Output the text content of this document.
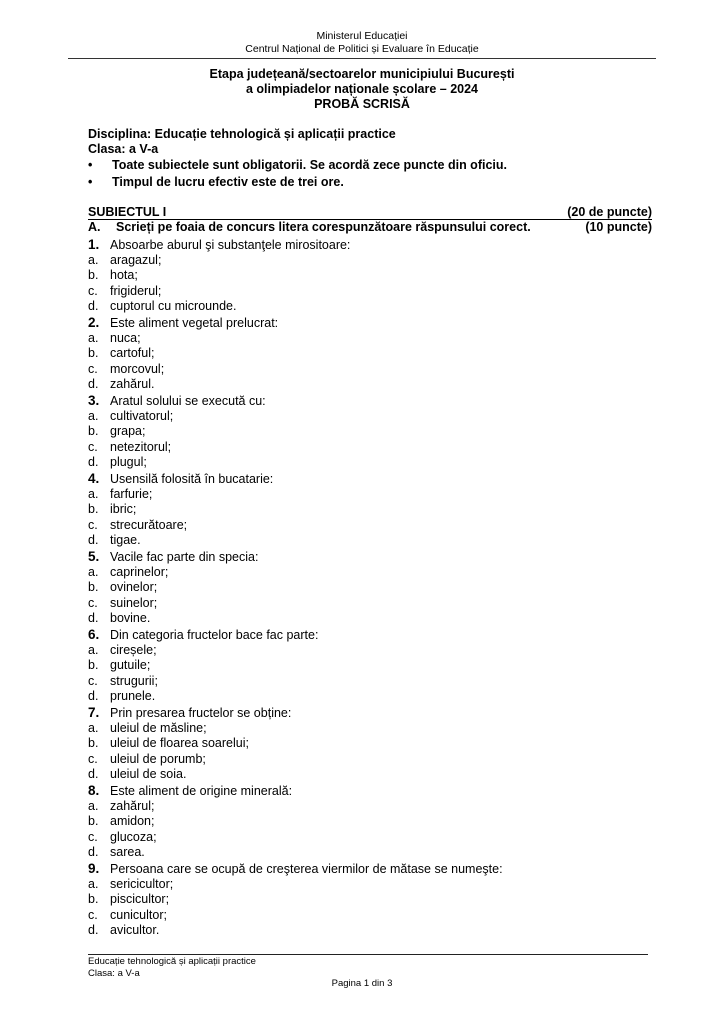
Ministerul Educației
Centrul Național de Politici și Evaluare în Educație
Etapa județeană/sectoarelor municipiului București
a olimpiadelor naționale școlare – 2024
PROBĂ SCRISĂ
Disciplina: Educație tehnologică și aplicații practice
Clasa: a V-a
• Toate subiectele sunt obligatorii. Se acordă zece puncte din oficiu.
• Timpul de lucru efectiv este de trei ore.
SUBIECTUL I	(20 de puncte)
A. Scrieți pe foaia de concurs litera corespunzătoare răspunsului corect.	(10 puncte)
1. Absoarbe aburul şi substanţele mirositoare:
a. aragazul;
b. hota;
c. frigiderul;
d. cuptorul cu microunde.
2. Este aliment vegetal prelucrat:
a. nuca;
b. cartoful;
c. morcovul;
d. zahărul.
3. Aratul solului se execută cu:
a. cultivatorul;
b. grapa;
c. netezitorul;
d. plugul;
4. Usensilă folosită în bucatarie:
a. farfurie;
b. ibric;
c. strecurătoare;
d. tigae.
5. Vacile fac parte din specia:
a. caprinelor;
b. ovinelor;
c. suinelor;
d. bovine.
6. Din categoria fructelor bace fac parte:
a. cireșele;
b. gutuile;
c. strugurii;
d. prunele.
7. Prin presarea fructelor se obține:
a. uleiul de măsline;
b. uleiul de floarea soarelui;
c. uleiul de porumb;
d. uleiul de soia.
8. Este aliment de origine minerală:
a. zahărul;
b. amidon;
c. glucoza;
d. sarea.
9. Persoana care se ocupă de creşterea viermilor de mătase se numeşte:
a. sericicultor;
b. piscicultor;
c. cunicultor;
d. avicultor.
Educație tehnologică și aplicații practice
Clasa: a V-a
Pagina 1 din 3
